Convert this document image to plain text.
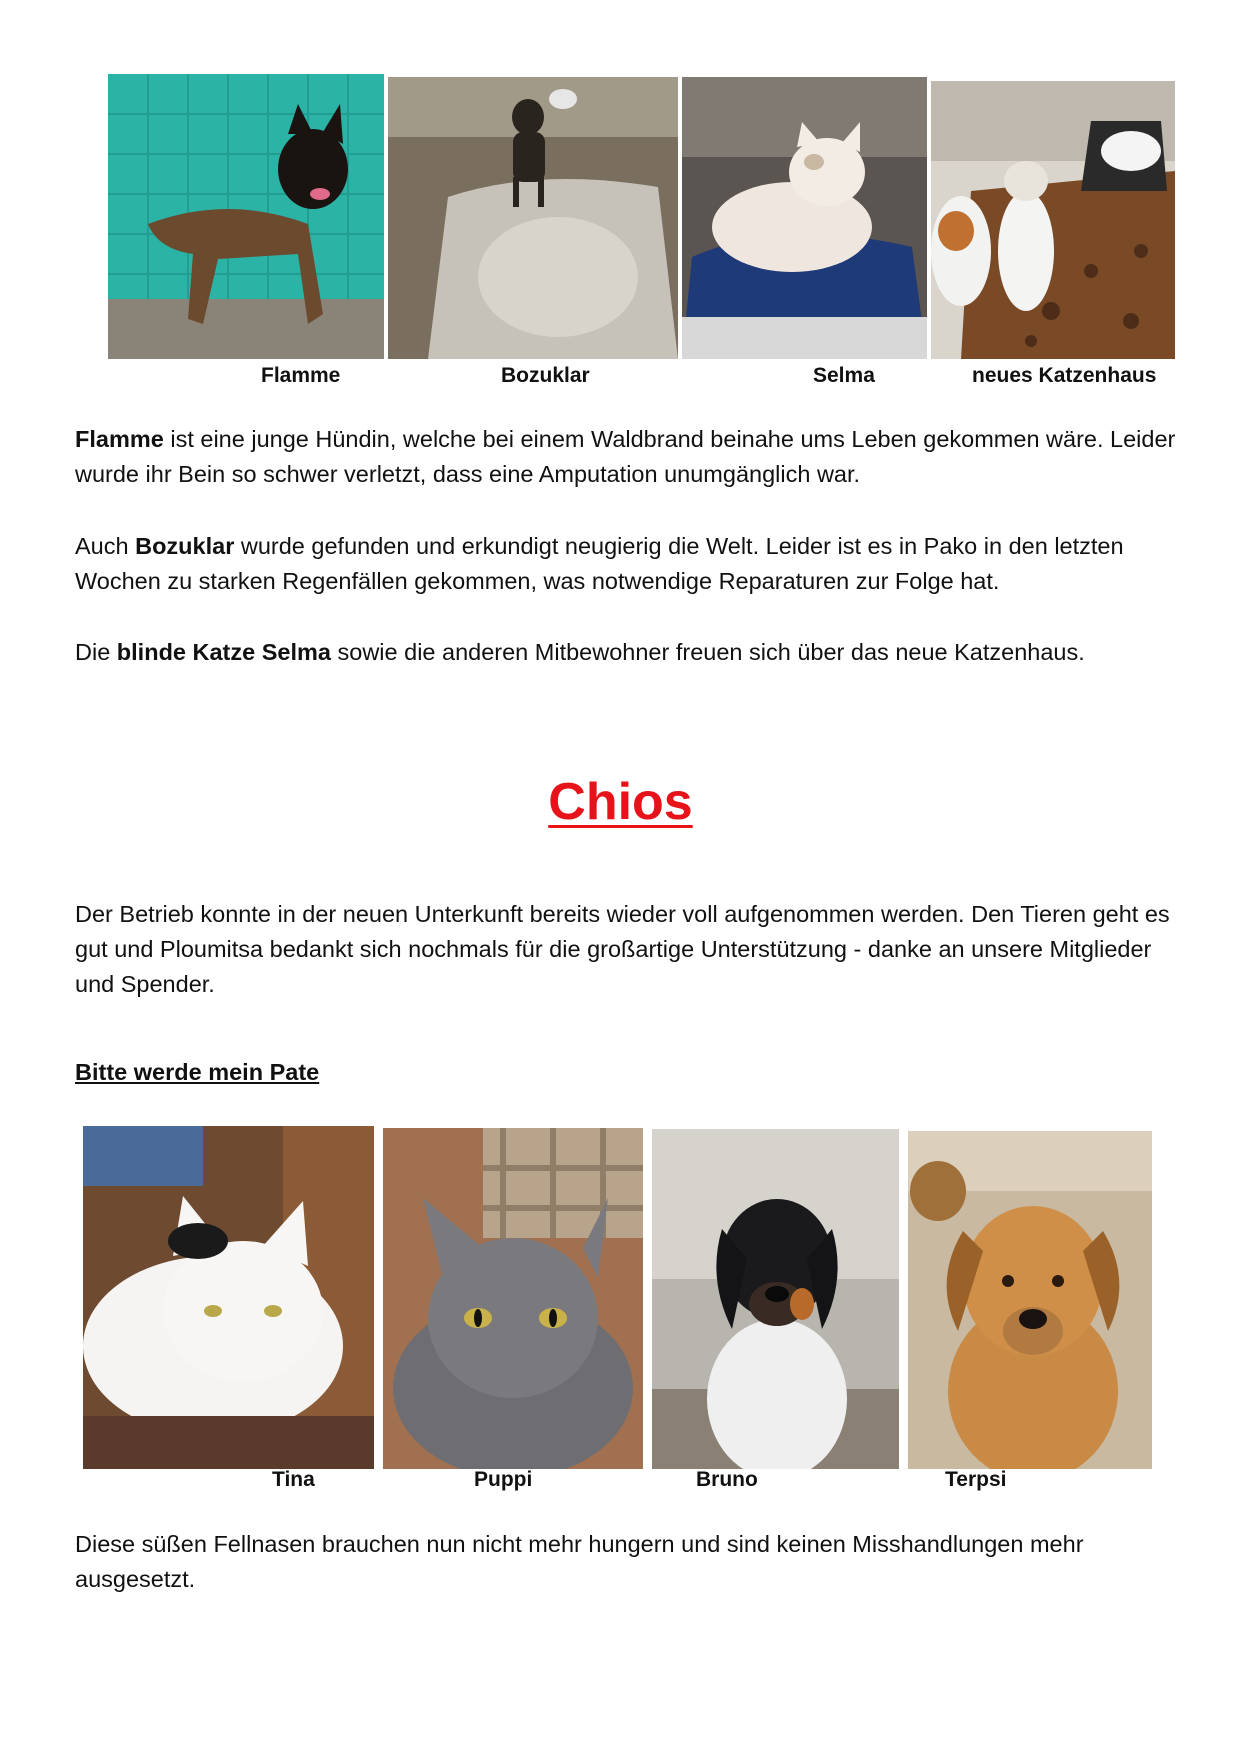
Flamme	Bozuklar	Selma	neues Katzenhaus
Flamme ist eine junge Hündin, welche bei einem Waldbrand beinahe ums Leben gekommen wäre. Leider wurde ihr Bein so schwer verletzt, dass eine Amputation unumgänglich war.
Auch Bozuklar wurde gefunden und erkundigt neugierig die Welt. Leider ist es in Pako in den letzten Wochen zu starken Regenfällen gekommen, was notwendige Reparaturen zur Folge hat.
Die blinde Katze Selma sowie die anderen Mitbewohner freuen sich über das neue Katzenhaus.
Chios
Der Betrieb konnte in der neuen Unterkunft bereits wieder voll aufgenommen werden. Den Tieren geht es gut und Ploumitsa bedankt sich nochmals für die großartige Unterstützung - danke an unsere Mitglieder und Spender.
Bitte werde mein Pate
Tina	Puppi	Bruno	Terpsi
Diese süßen Fellnasen brauchen nun nicht mehr hungern und sind keinen Misshandlungen mehr ausgesetzt.
